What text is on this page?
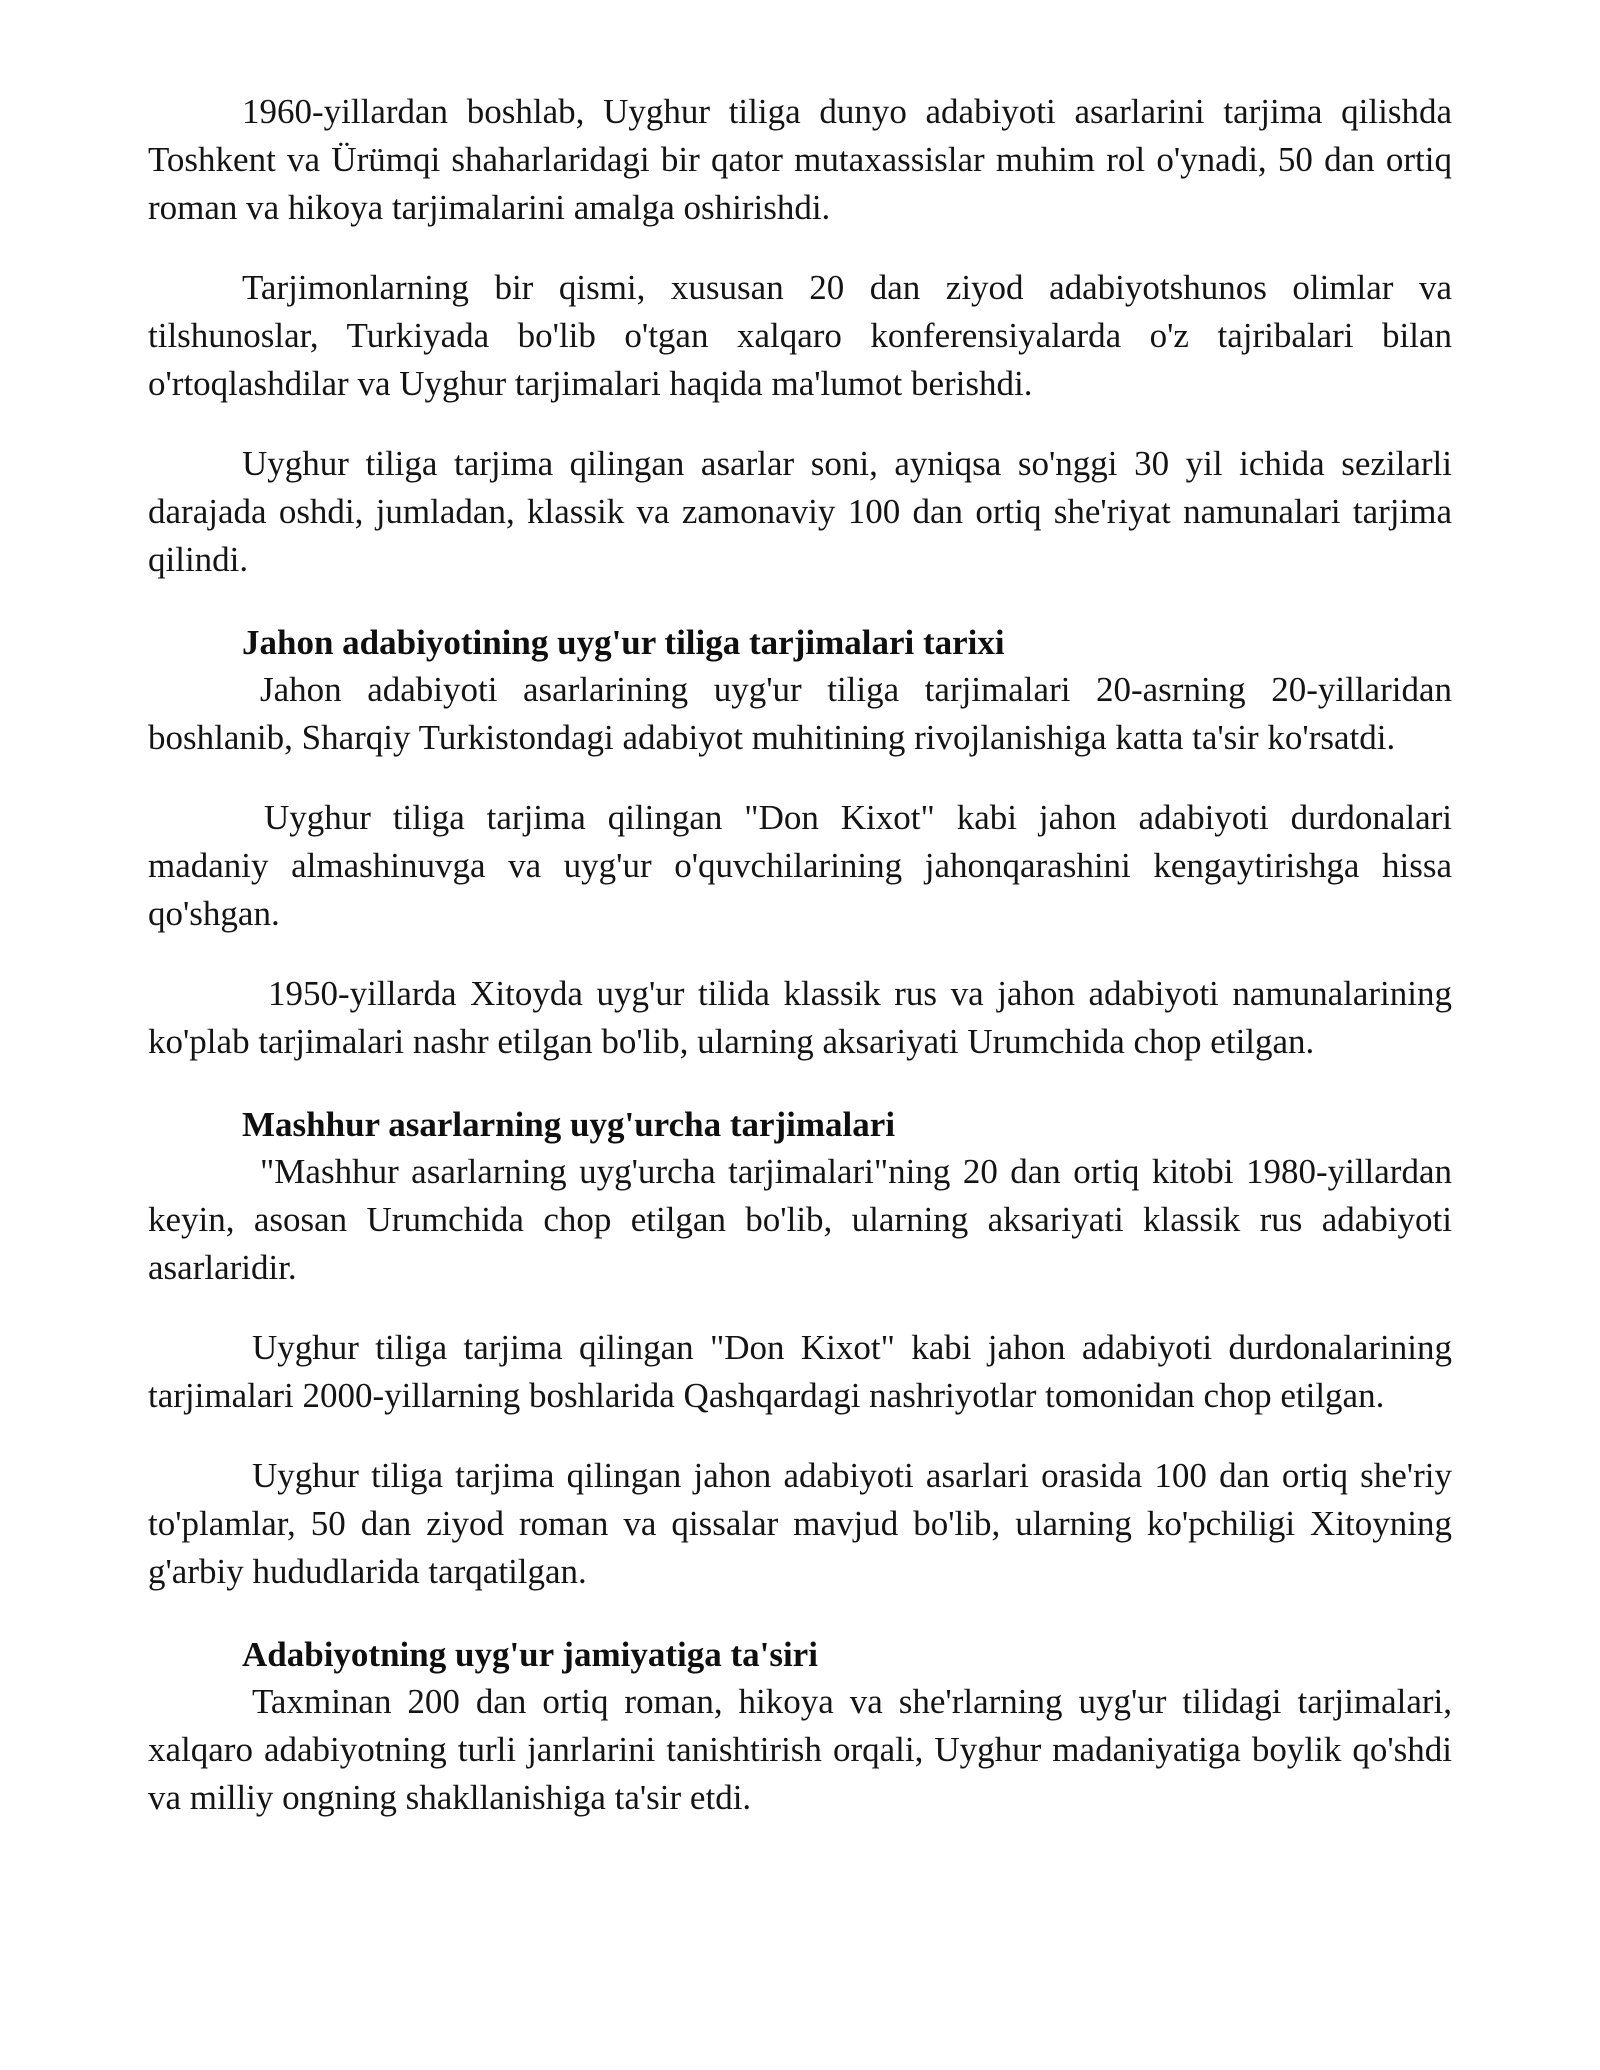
1960-yillardan boshlab, Uyghur tiliga dunyo adabiyoti asarlarini tarjima qilishda Toshkent va Ürümqi shaharlaridagi bir qator mutaxassislar muhim rol o'ynadi, 50 dan ortiq roman va hikoya tarjimalarini amalga oshirishdi.

Tarjimonlarning bir qismi, xususan 20 dan ziyod adabiyotshunos olimlar va tilshunoslar, Turkiyada bo'lib o'tgan xalqaro konferensiyalarda o'z tajribalari bilan o'rtoqlashdilar va Uyghur tarjimalari haqida ma'lumot berishdi.

Uyghur tiliga tarjima qilingan asarlar soni, ayniqsa so'nggi 30 yil ichida sezilarli darajada oshdi, jumladan, klassik va zamonaviy 100 dan ortiq she'riyat namunalari tarjima qilindi.

Jahon adabiyotining uyg'ur tiliga tarjimalari tarixi

Jahon adabiyoti asarlarining uyg'ur tiliga tarjimalari 20-asrning 20-yillaridan boshlanib, Sharqiy Turkistondagi adabiyot muhitining rivojlanishiga katta ta'sir ko'rsatdi.

Uyghur tiliga tarjima qilingan "Don Kixot" kabi jahon adabiyoti durdonalari madaniy almashinuvga va uyg'ur o'quvchilarining jahonqarashini kengaytirishga hissa qo'shgan.

1950-yillarda Xitoyda uyg'ur tilida klassik rus va jahon adabiyoti namunalarining ko'plab tarjimalari nashr etilgan bo'lib, ularning aksariyati Urumchida chop etilgan.

Mashhur asarlarning uyg'urcha tarjimalari

"Mashhur asarlarning uyg'urcha tarjimalari"ning 20 dan ortiq kitobi 1980-yillardan keyin, asosan Urumchida chop etilgan bo'lib, ularning aksariyati klassik rus adabiyoti asarlaridir.

Uyghur tiliga tarjima qilingan "Don Kixot" kabi jahon adabiyoti durdonalarining tarjimalari 2000-yillarning boshlarida Qashqardagi nashriyotlar tomonidan chop etilgan.

Uyghur tiliga tarjima qilingan jahon adabiyoti asarlari orasida 100 dan ortiq she'riy to'plamlar, 50 dan ziyod roman va qissalar mavjud bo'lib, ularning ko'pchiligi Xitoyning g'arbiy hududlarida tarqatilgan.

Adabiyotning uyg'ur jamiyatiga ta'siri

Taxminan 200 dan ortiq roman, hikoya va she'rlarning uyg'ur tilidagi tarjimalari, xalqaro adabiyotning turli janrlarini tanishtirish orqali, Uyghur madaniyatiga boylik qo'shdi va milliy ongning shakllanishiga ta'sir etdi.
